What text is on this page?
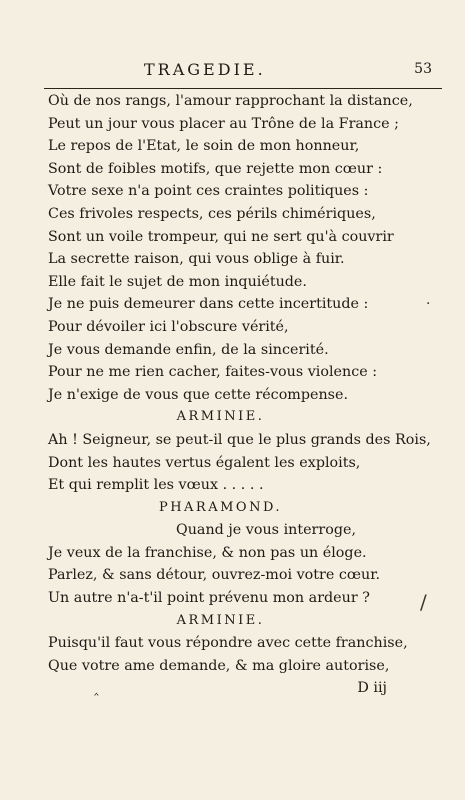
TRAGEDIE.	53
Où de nos rangs, l'amour rapprochant la distance,
Peut un jour vous placer au Trône de la France ;
Le repos de l'Etat, le soin de mon honneur,
Sont de foibles motifs, que rejette mon cœur :
Votre sexe n'a point ces craintes politiques :
Ces frivoles respects, ces périls chimériques,
Sont un voile trompeur, qui ne sert qu'à couvrir
La secrette raison, qui vous oblige à fuir.
Elle fait le sujet de mon inquiétude.
Je ne puis demeurer dans cette incertitude :
Pour dévoiler ici l'obscure vérité,
Je vous demande enfin, de la sincerité.
Pour ne me rien cacher, faites-vous violence :
Je n'exige de vous que cette récompense.
ARMINIE.
Ah ! Seigneur, se peut-il que le plus grands des Rois,
Dont les hautes vertus égalent les exploits,
Et qui remplit les vœux . . . . .
PHARAMOND.
Quand je vous interroge,
Je veux de la franchise, & non pas un éloge.
Parlez, & sans détour, ouvrez-moi votre cœur.
Un autre n'a-t'il point prévenu mon ardeur ?
ARMINIE.
Puisqu'il faut vous répondre avec cette franchise,
Que votre ame demande, & ma gloire autorise,
D iij
·
/
‸
